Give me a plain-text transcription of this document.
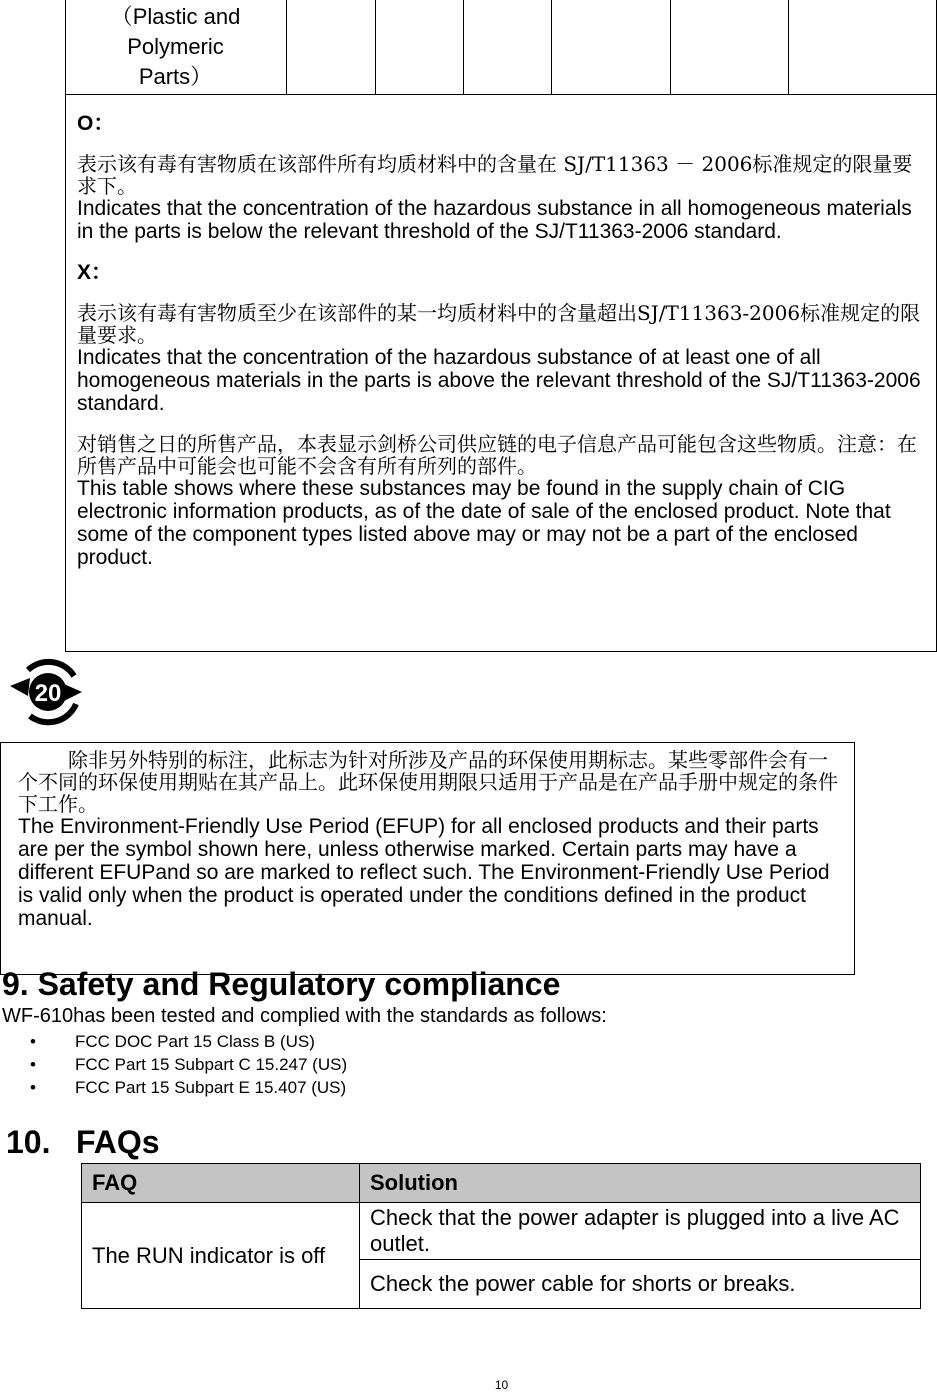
（Plastic and
Polymeric
Parts）

O：

表示该有毒有害物质在该部件所有均质材料中的含量在 SJ/T11363 － 2006标准规定的限量要求下。

Indicates that the concentration of the hazardous substance in all homogeneous materials in the parts is below the relevant threshold of the SJ/T11363-2006 standard.

X：

表示该有毒有害物质至少在该部件的某一均质材料中的含量超出SJ/T11363-2006标准规定的限量要求。

Indicates that the concentration of the hazardous substance of at least one of all homogeneous materials in the parts is above the relevant threshold of the SJ/T11363-2006 standard.

对销售之日的所售产品，本表显示剑桥公司供应链的电子信息产品可能包含这些物质。注意：在所售产品中可能会也可能不会含有所有所列的部件。

This table shows where these substances may be found in the supply chain of CIG electronic information products, as of the date of sale of the enclosed product. Note that some of the component types listed above may or may not be a part of the enclosed product.

20

除非另外特别的标注，此标志为针对所涉及产品的环保使用期标志。某些零部件会有一个不同的环保使用期贴在其产品上。此环保使用期限只适用于产品是在产品手册中规定的条件下工作。

The Environment-Friendly Use Period (EFUP) for all enclosed products and their parts are per the symbol shown here, unless otherwise marked. Certain parts may have a different EFUPand so are marked to reflect such. The Environment-Friendly Use Period is valid only when the product is operated under the conditions defined in the product manual.

9. Safety and Regulatory compliance
WF-610has been tested and complied with the standards as follows:
• FCC DOC Part 15 Class B (US)
• FCC Part 15 Subpart C 15.247 (US)
• FCC Part 15 Subpart E 15.407 (US)
10. FAQs
FAQ	Solution
The RUN indicator is off	Check that the power adapter is plugged into a live AC outlet.
	Check the power cable for shorts or breaks.
10
